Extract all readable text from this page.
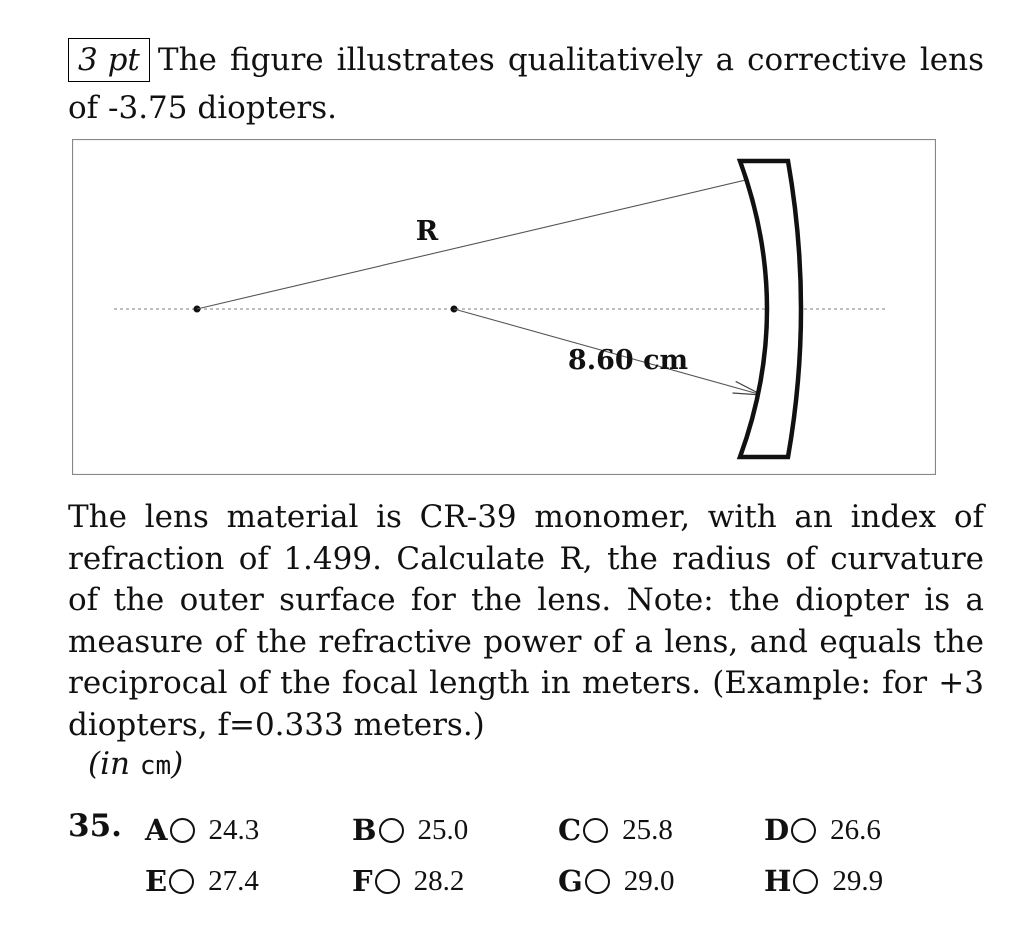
3 pt The figure illustrates qualitatively a corrective lens of -3.75 diopters.
R
8.60 cm
The lens material is CR-39 monomer, with an index of refraction of 1.499. Calculate R, the radius of curvature of the outer surface for the lens. Note: the diopter is a measure of the refractive power of a lens, and equals the reciprocal of the focal length in meters. (Example: for +3 diopters, f=0.333 meters.)
(in cm)
35. A 24.3	B 25.0	C 25.8	D 26.6
E 27.4	F 28.2	G 29.0	H 29.9
